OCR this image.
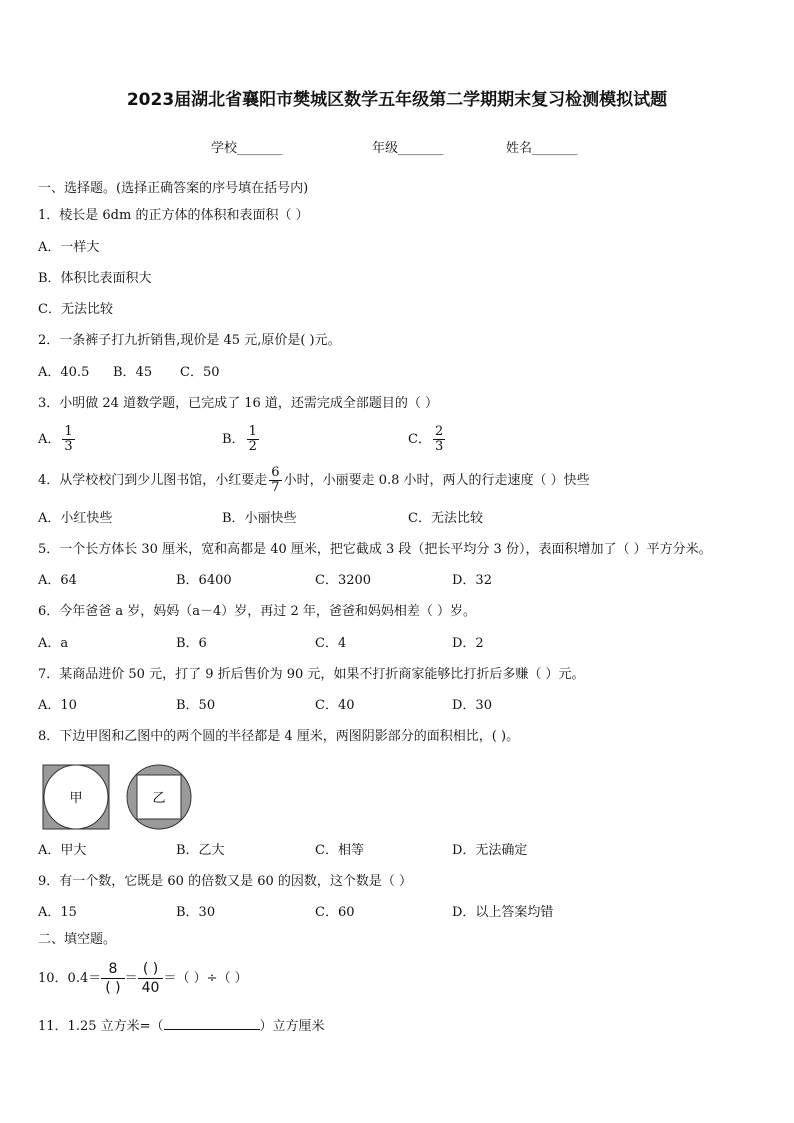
2023届湖北省襄阳市樊城区数学五年级第二学期期末复习检测模拟试题
学校_______	年级_______	姓名_______
一、选择题。(选择正确答案的序号填在括号内)
1．棱长是 6dm 的正方体的体积和表面积（ ）
A．一样大
B．体积比表面积大
C．无法比较
2．一条裤子打九折销售,现价是 45 元,原价是( )元。
A．40.5 B．45 C．50
3．小明做 24 道数学题，已完成了 16 道，还需完成全部题目的（ ）
A． $\frac{1}{3}$	B． $\frac{1}{2}$	C． $\frac{2}{3}$
4．从学校校门到少儿图书馆，小红要走 $\frac{6}{7}$ 小时，小丽要走 0.8 小时，两人的行走速度（ ）快些
A．小红快些	B．小丽快些	C．无法比较
5．一个长方体长 30 厘米，宽和高都是 40 厘米，把它截成 3 段（把长平均分 3 份），表面积增加了（ ）平方分米。
A．64	B．6400	C．3200	D．32
6．今年爸爸 a 岁，妈妈（a－4）岁，再过 2 年，爸爸和妈妈相差（ ）岁。
A．a	B．6	C．4	D．2
7．某商品进价 50 元，打了 9 折后售价为 90 元，如果不打折商家能够比打折后多赚（ ）元。
A．10	B．50	C．40	D．30
8．下边甲图和乙图中的两个圆的半径都是 4 厘米，两图阴影部分的面积相比，( )。
甲	乙
A．甲大	B．乙大	C．相等	D．无法确定
9．有一个数，它既是 60 的倍数又是 60 的因数，这个数是（ ）
A．15	B．30	C．60	D．以上答案均错
二、填空题。
10．$0.4= \frac{8}{( )} = \frac{( )}{40}$ ＝（ ）÷（ ）
11．1.25 立方米=（	）立方厘米
